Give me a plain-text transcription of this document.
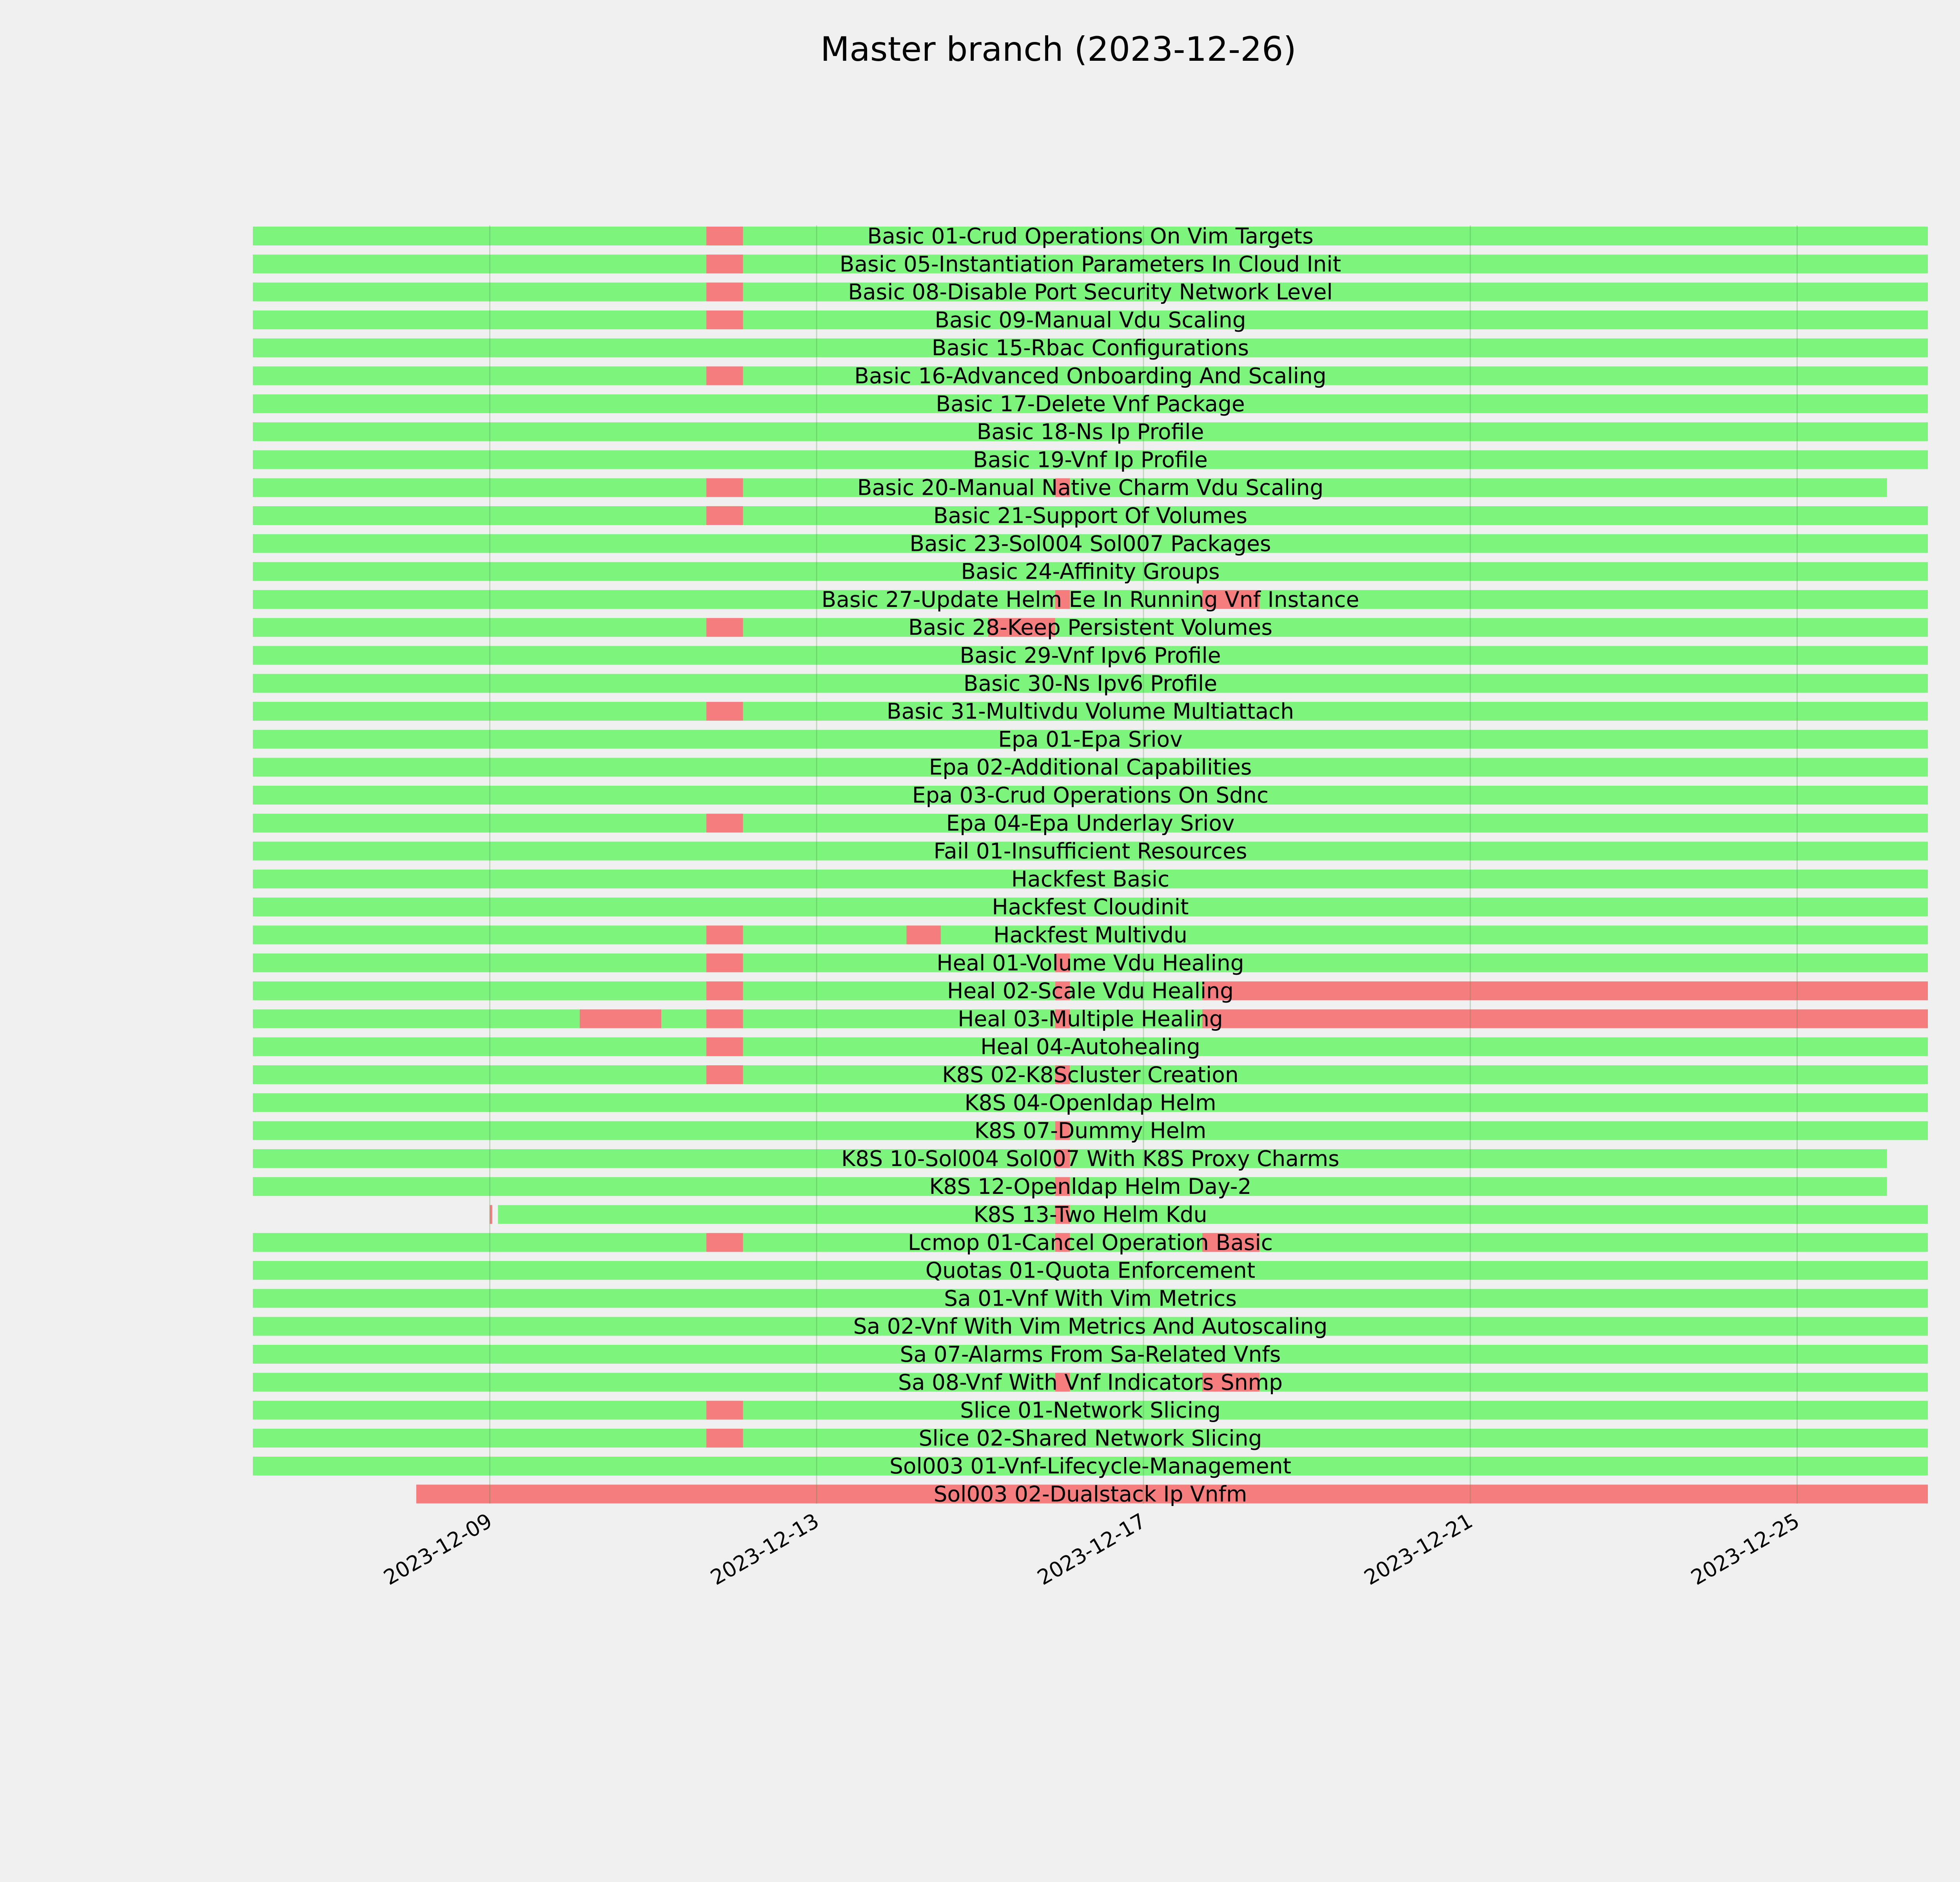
Master branch (2023-12-26)
Basic 01-Crud Operations On Vim Targets
Basic 05-Instantiation Parameters In Cloud Init
Basic 08-Disable Port Security Network Level
Basic 09-Manual Vdu Scaling
Basic 15-Rbac Configurations
Basic 16-Advanced Onboarding And Scaling
Basic 17-Delete Vnf Package
Basic 18-Ns Ip Profile
Basic 19-Vnf Ip Profile
Basic 20-Manual Native Charm Vdu Scaling
Basic 21-Support Of Volumes
Basic 23-Sol004 Sol007 Packages
Basic 24-Affinity Groups
Basic 27-Update Helm Ee In Running Vnf Instance
Basic 28-Keep Persistent Volumes
Basic 29-Vnf Ipv6 Profile
Basic 30-Ns Ipv6 Profile
Basic 31-Multivdu Volume Multiattach
Epa 01-Epa Sriov
Epa 02-Additional Capabilities
Epa 03-Crud Operations On Sdnc
Epa 04-Epa Underlay Sriov
Fail 01-Insufficient Resources
Hackfest Basic
Hackfest Cloudinit
Hackfest Multivdu
Heal 01-Volume Vdu Healing
Heal 02-Scale Vdu Healing
Heal 03-Multiple Healing
Heal 04-Autohealing
K8S 02-K8Scluster Creation
K8S 04-Openldap Helm
K8S 07-Dummy Helm
K8S 10-Sol004 Sol007 With K8S Proxy Charms
K8S 12-Openldap Helm Day-2
K8S 13-Two Helm Kdu
Lcmop 01-Cancel Operation Basic
Quotas 01-Quota Enforcement
Sa 01-Vnf With Vim Metrics
Sa 02-Vnf With Vim Metrics And Autoscaling
Sa 07-Alarms From Sa-Related Vnfs
Sa 08-Vnf With Vnf Indicators Snmp
Slice 01-Network Slicing
Slice 02-Shared Network Slicing
Sol003 01-Vnf-Lifecycle-Management
Sol003 02-Dualstack Ip Vnfm
2023-12-09	2023-12-13	2023-12-17	2023-12-21	2023-12-25
